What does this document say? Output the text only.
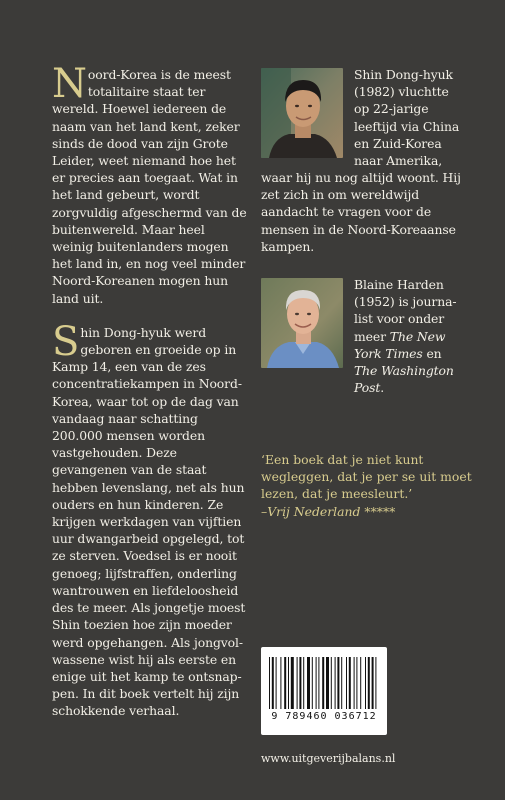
Noord-Korea is de meest totalitaire staat ter wereld. Hoewel iedereen de naam van het land kent, zeker sinds de dood van zijn Grote Leider, weet niemand hoe het er precies aan toegaat. Wat in het land gebeurt, wordt zorgvuldig afgeschermd van de buitenwereld. Maar heel weinig buitenlanders mogen het land in, en nog veel minder Noord-Koreanen mogen hun land uit.

Shin Dong-hyuk werd geboren en groeide op in Kamp 14, een van de zes concentratiekampen in Noord-Korea, waar tot op de dag van vandaag naar schatting 200.000 mensen worden vastgehouden. Deze gevangenen van de staat hebben levenslang, net als hun ouders en hun kinderen. Ze krijgen werkdagen van vijftien uur dwangarbeid opgelegd, tot ze sterven. Voedsel is er nooit genoeg; lijfstraffen, onderling wantrouwen en liefdeloosheid des te meer. Als jongetje moest Shin toezien hoe zijn moeder werd opgehangen. Als jongvolwassene wist hij als eerste en enige uit het kamp te ontsnappen. In dit boek vertelt hij zijn schokkende verhaal.

Shin Dong-hyuk (1982) vluchtte op 22-jarige leeftijd via China en Zuid-Korea naar Amerika,
waar hij nu nog altijd woont. Hij zet zich in om wereldwijd aandacht te vragen voor de mensen in de Noord-Koreaanse kampen.
Blaine Harden (1952) is journalist voor onder meer The New York Times en The Washington Post.
‘Een boek dat je niet kunt wegleggen, dat je per se uit moet lezen, dat je meesleurt.’
–Vrij Nederland *****
9 789460 036712
www.uitgeverijbalans.nl
